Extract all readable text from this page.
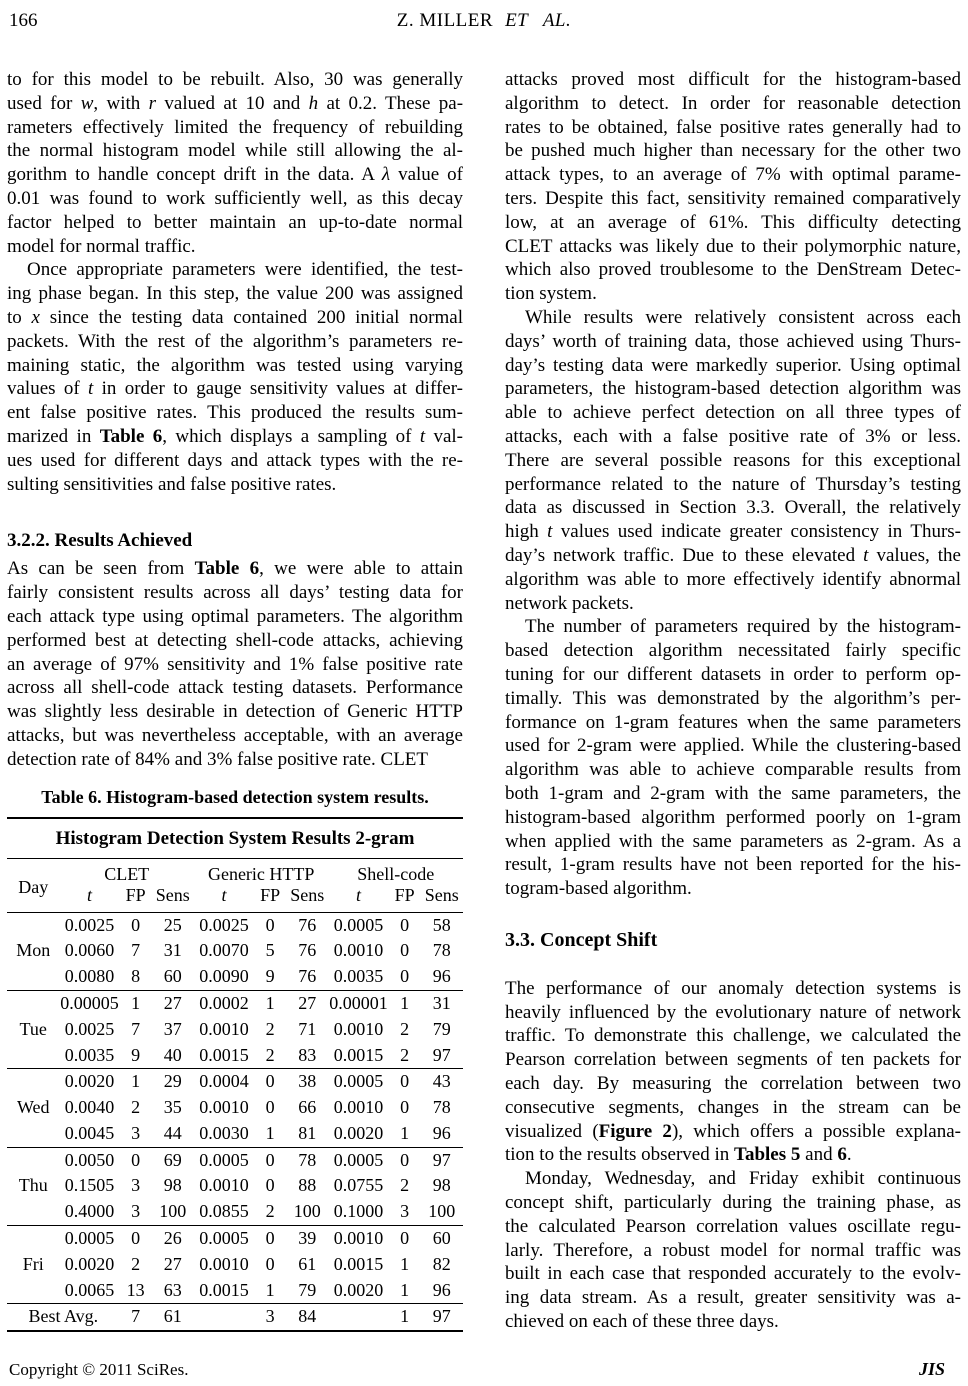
166	Z. MILLER ET AL.
to for this model to be rebuilt. Also, 30 was generally
used for w, with r valued at 10 and h at 0.2. These pa-
rameters effectively limited the frequency of rebuilding
the normal histogram model while still allowing the al-
gorithm to handle concept drift in the data. A λ value of
0.01 was found to work sufficiently well, as this decay
factor helped to better maintain an up-to-date normal
model for normal traffic.
Once appropriate parameters were identified, the test-
ing phase began. In this step, the value 200 was assigned
to x since the testing data contained 200 initial normal
packets. With the rest of the algorithm’s parameters re-
maining static, the algorithm was tested using varying
values of t in order to gauge sensitivity values at differ-
ent false positive rates. This produced the results sum-
marized in Table 6, which displays a sampling of t val-
ues used for different days and attack types with the re-
sulting sensitivities and false positive rates.
3.2.2. Results Achieved
As can be seen from Table 6, we were able to attain
fairly consistent results across all days’ testing data for
each attack type using optimal parameters. The algorithm
performed best at detecting shell-code attacks, achieving
an average of 97% sensitivity and 1% false positive rate
across all shell-code attack testing datasets. Performance
was slightly less desirable in detection of Generic HTTP
attacks, but was nevertheless acceptable, with an average
detection rate of 84% and 3% false positive rate. CLET
Table 6. Histogram-based detection system results.
Histogram Detection System Results 2-gram									
Day	CLET			Generic HTTP			Shell-code		
	t	FP	Sens	t	FP	Sens	t	FP	Sens
Mon	0.0025	0	25	0.0025	0	76	0.0005	0	58
	0.0060	7	31	0.0070	5	76	0.0010	0	78
	0.0080	8	60	0.0090	9	76	0.0035	0	96
Tue	0.00005	1	27	0.0002	1	27	0.00001	1	31
	0.0025	7	37	0.0010	2	71	0.0010	2	79
	0.0035	9	40	0.0015	2	83	0.0015	2	97
Wed	0.0020	1	29	0.0004	0	38	0.0005	0	43
	0.0040	2	35	0.0010	0	66	0.0010	0	78
	0.0045	3	44	0.0030	1	81	0.0020	1	96
Thu	0.0050	0	69	0.0005	0	78	0.0005	0	97
	0.1505	3	98	0.0010	0	88	0.0755	2	98
	0.4000	3	100	0.0855	2	100	0.1000	3	100
Fri	0.0005	0	26	0.0005	0	39	0.0010	0	60
	0.0020	2	27	0.0010	0	61	0.0015	1	82
	0.0065	13	63	0.0015	1	79	0.0020	1	96
Best Avg.		7	61		3	84		1	97
attacks proved most difficult for the histogram-based
algorithm to detect. In order for reasonable detection
rates to be obtained, false positive rates generally had to
be pushed much higher than necessary for the other two
attack types, to an average of 7% with optimal parame-
ters. Despite this fact, sensitivity remained comparatively
low, at an average of 61%. This difficulty detecting
CLET attacks was likely due to their polymorphic nature,
which also proved troublesome to the DenStream Detec-
tion system.
While results were relatively consistent across each
days’ worth of training data, those achieved using Thurs-
day’s testing data were markedly superior. Using optimal
parameters, the histogram-based detection algorithm was
able to achieve perfect detection on all three types of
attacks, each with a false positive rate of 3% or less.
There are several possible reasons for this exceptional
performance related to the nature of Thursday’s testing
data as discussed in Section 3.3. Overall, the relatively
high t values used indicate greater consistency in Thurs-
day’s network traffic. Due to these elevated t values, the
algorithm was able to more effectively identify abnormal
network packets.
The number of parameters required by the histogram-
based detection algorithm necessitated fairly specific
tuning for our different datasets in order to perform op-
timally. This was demonstrated by the algorithm’s per-
formance on 1-gram features when the same parameters
used for 2-gram were applied. While the clustering-based
algorithm was able to achieve comparable results from
both 1-gram and 2-gram with the same parameters, the
histogram-based algorithm performed poorly on 1-gram
when applied with the same parameters as 2-gram. As a
result, 1-gram results have not been reported for the his-
togram-based algorithm.
3.3. Concept Shift
The performance of our anomaly detection systems is
heavily influenced by the evolutionary nature of network
traffic. To demonstrate this challenge, we calculated the
Pearson correlation between segments of ten packets for
each day. By measuring the correlation between two
consecutive segments, changes in the stream can be
visualized (Figure 2), which offers a possible explana-
tion to the results observed in Tables 5 and 6.
Monday, Wednesday, and Friday exhibit continuous
concept shift, particularly during the training phase, as
the calculated Pearson correlation values oscillate regu-
larly. Therefore, a robust model for normal traffic was
built in each case that responded accurately to the evolv-
ing data stream. As a result, greater sensitivity was a-
chieved on each of these three days.
Copyright © 2011 SciRes.	JIS
